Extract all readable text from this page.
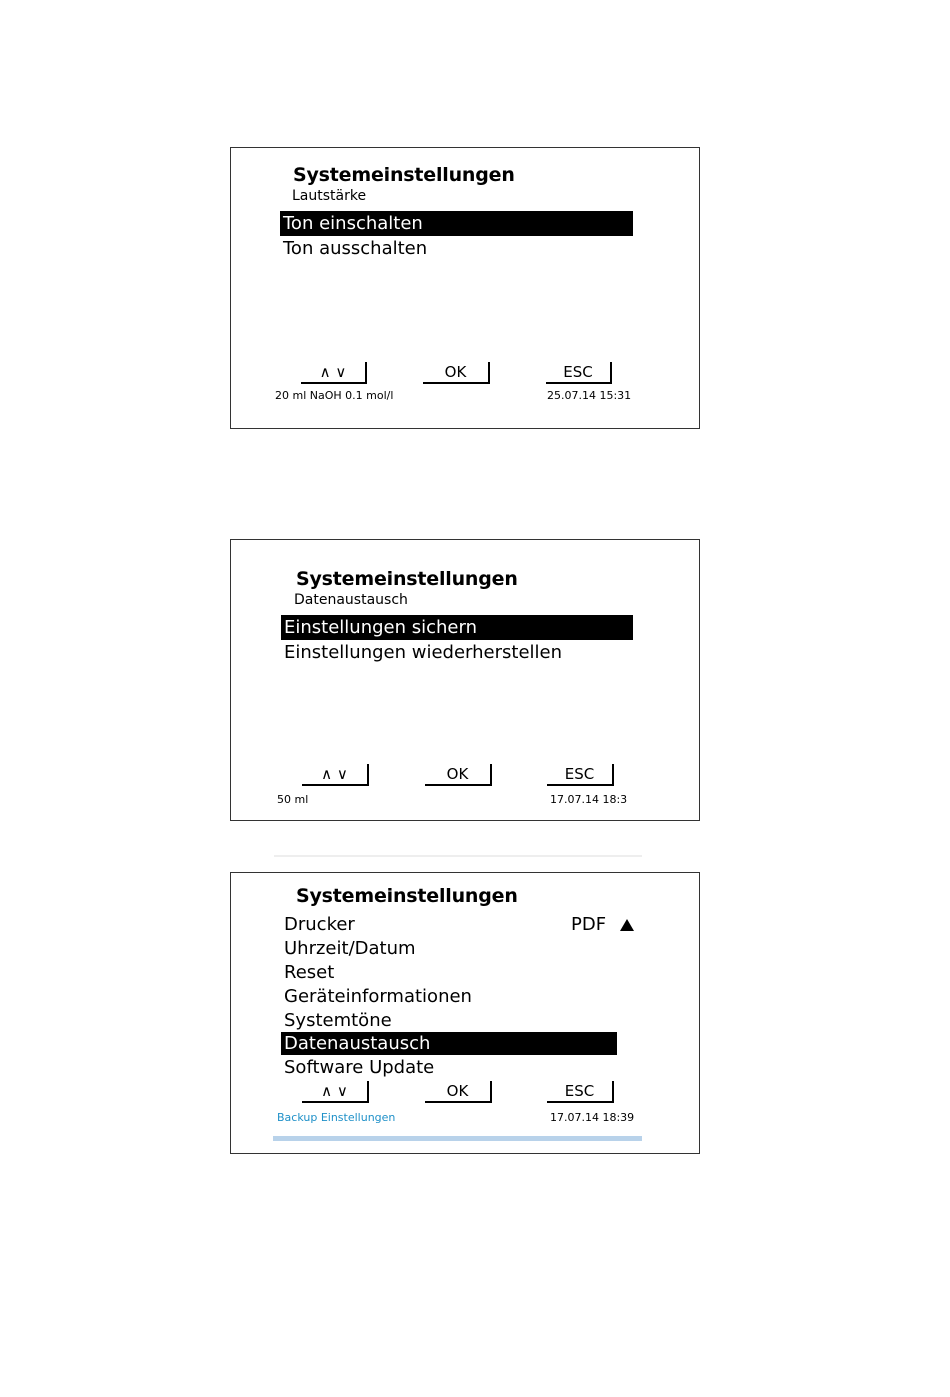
Systemeinstellungen
Lautstärke
Ton einschalten
Ton ausschalten
∧ ∨	OK	ESC
20 ml NaOH 0.1 mol/l	25.07.14 15:31
Systemeinstellungen
Datenaustausch
Einstellungen sichern
Einstellungen wiederherstellen
∧ ∨	OK	ESC
50 ml	17.07.14 18:3
Systemeinstellungen
Drucker	PDF
Uhrzeit/Datum
Reset
Geräteinformationen
Systemtöne
Datenaustausch
Software Update
∧ ∨	OK	ESC
Backup Einstellungen	17.07.14 18:39
